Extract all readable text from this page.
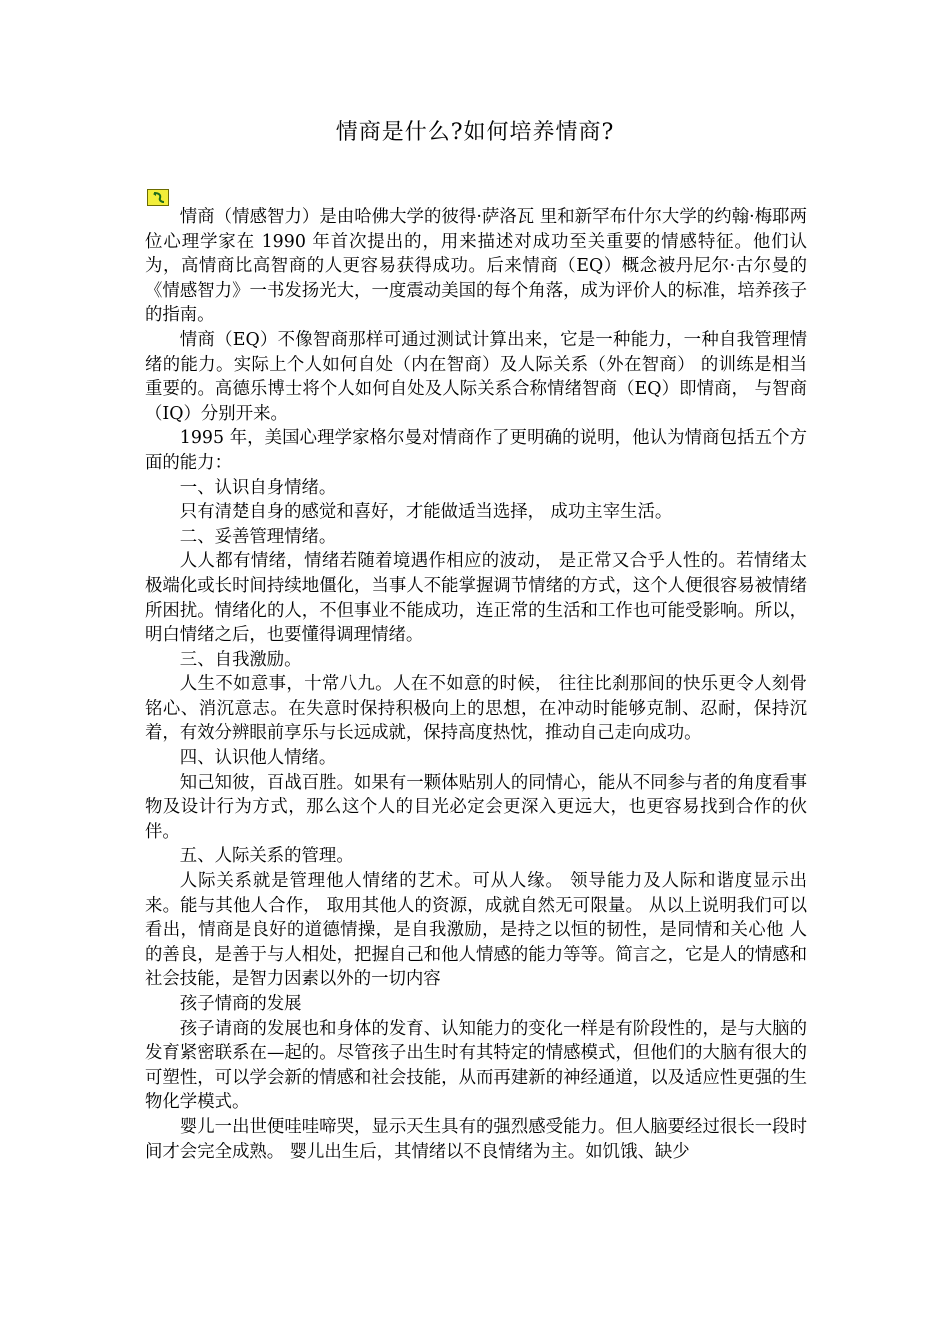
情商是什么?如何培养情商?

情商（情感智力）是由哈佛大学的彼得·萨洛瓦 里和新罕布什尔大学的约翰·梅耶两位心理学家在 1990 年首次提出的，用来描述对成功至关重要的情感特征。他们认为，高情商比高智商的人更容易获得成功。后来情商（EQ）概念被丹尼尔·古尔曼的《情感智力》一书发扬光大，一度震动美国的每个角落，成为评价人的标准，培养孩子的指南。

情商（EQ）不像智商那样可通过测试计算出来，它是一种能力，一种自我管理情绪的能力。实际上个人如何自处（内在智商）及人际关系（外在智商） 的训练是相当重要的。高德乐博士将个人如何自处及人际关系合称情绪智商（EQ）即情商， 与智商（IQ）分别开来。

1995 年，美国心理学家格尔曼对情商作了更明确的说明，他认为情商包括五个方面的能力：

一、认识自身情绪。

只有清楚自身的感觉和喜好，才能做适当选择， 成功主宰生活。

二、妥善管理情绪。

人人都有情绪，情绪若随着境遇作相应的波动， 是正常又合乎人性的。若情绪太极端化或长时间持续地僵化，当事人不能掌握调节情绪的方式，这个人便很容易被情绪所困扰。情绪化的人，不但事业不能成功，连正常的生活和工作也可能受影响。所以，明白情绪之后，也要懂得调理情绪。

三、自我激励。

人生不如意事，十常八九。人在不如意的时候， 往往比刹那间的快乐更令人刻骨铭心、消沉意志。在失意时保持积极向上的思想，在冲动时能够克制、忍耐，保持沉着，有效分辨眼前享乐与长远成就，保持高度热忱，推动自己走向成功。

四、认识他人情绪。

知己知彼，百战百胜。如果有一颗体贴别人的同情心，能从不同参与者的角度看事物及设计行为方式，那么这个人的目光必定会更深入更远大，也更容易找到合作的伙伴。

五、人际关系的管理。

人际关系就是管理他人情绪的艺术。可从人缘。 领导能力及人际和谐度显示出来。能与其他人合作， 取用其他人的资源，成就自然无可限量。 从以上说明我们可以看出，情商是良好的道德情操，是自我激励，是持之以恒的韧性，是同情和关心他 人的善良，是善于与人相处，把握自己和他人情感的能力等等。简言之，它是人的情感和社会技能，是智力因素以外的一切内容

孩子情商的发展

孩子请商的发展也和身体的发育、认知能力的变化一样是有阶段性的，是与大脑的发育紧密联系在—起的。尽管孩子出生时有其特定的情感模式，但他们的大脑有很大的可塑性，可以学会新的情感和社会技能，从而再建新的神经通道，以及适应性更强的生物化学模式。

婴儿一出世便哇哇啼哭，显示天生具有的强烈感受能力。但人脑要经过很长一段时间才会完全成熟。 婴儿出生后，其情绪以不良情绪为主。如饥饿、缺少
